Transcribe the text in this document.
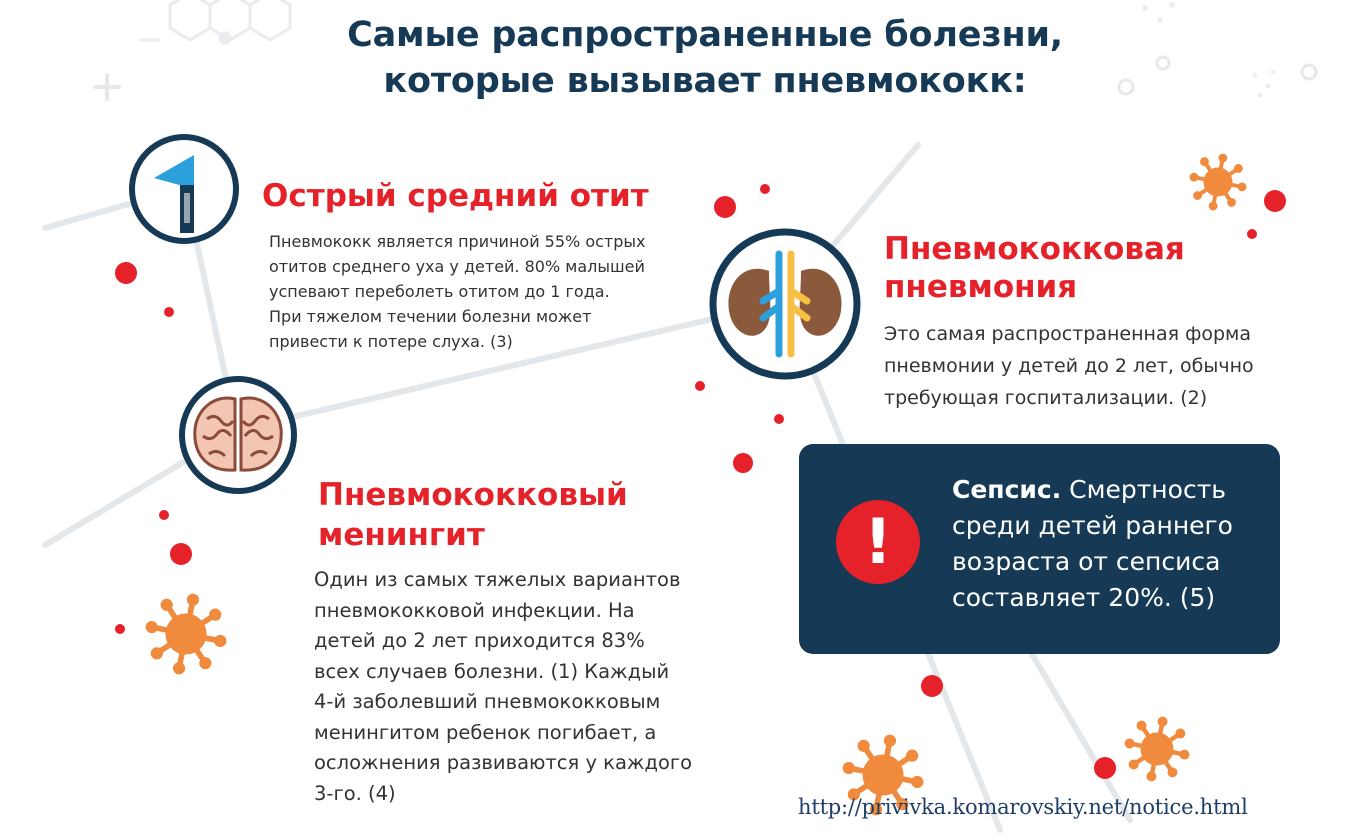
Самые распространенные болезни,
которые вызывает пневмококк:
Острый средний отит
Пневмококк является причиной 55% острых
отитов среднего уха у детей. 80% малышей
успевают переболеть отитом до 1 года.
При тяжелом течении болезни может
привести к потере слуха. (3)
Пневмококковая
пневмония
Это самая распространенная форма
пневмонии у детей до 2 лет, обычно
требующая госпитализации. (2)
Пневмококковый
менингит
Один из самых тяжелых вариантов
пневмококковой инфекции. На
детей до 2 лет приходится 83%
всех случаев болезни. (1) Каждый
4-й заболевший пневмококковым
менингитом ребенок погибает, а
осложнения развиваются у каждого
3-го. (4)
!
Сепсис. Смертность
среди детей раннего
возраста от сепсиса
составляет 20%. (5)
http://privivka.komarovskiy.net/notice.html
